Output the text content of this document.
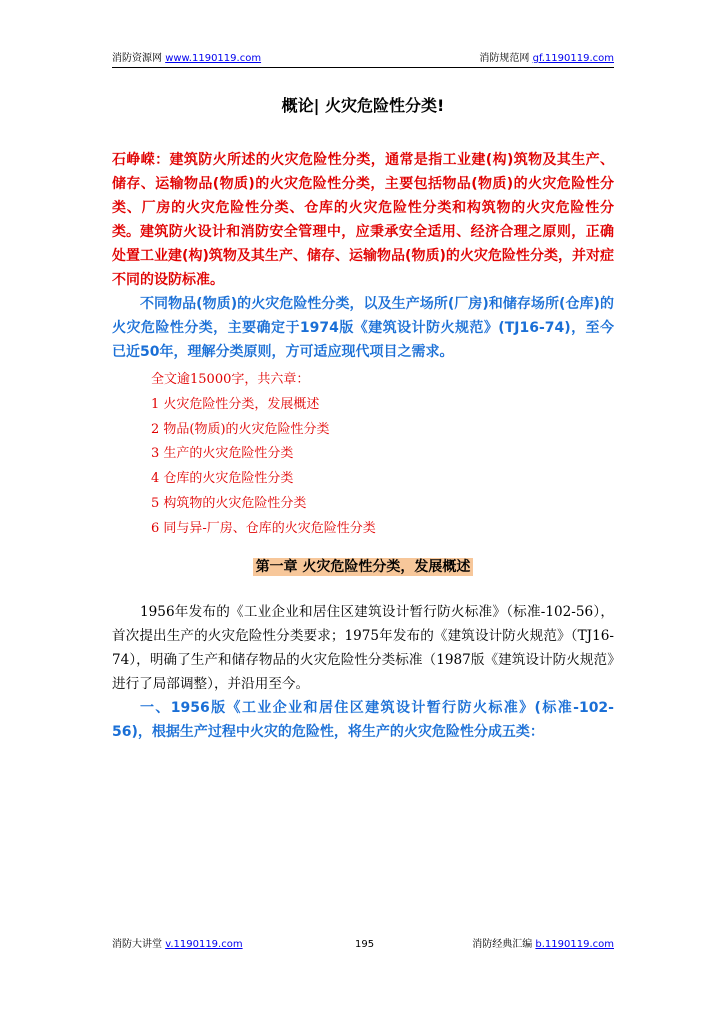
消防资源网 www.1190119.com	消防规范网 gf.1190119.com
概论| 火灾危险性分类!
石峥嵘：建筑防火所述的火灾危险性分类，通常是指工业建(构)筑物及其生产、储存、运输物品(物质)的火灾危险性分类，主要包括物品(物质)的火灾危险性分类、厂房的火灾危险性分类、仓库的火灾危险性分类和构筑物的火灾危险性分类。 建筑防火设计和消防安全管理中，应秉承安全适用、经济合理之原则，正确处置工业建(构)筑物及其生产、储存、运输物品(物质)的火灾危险性分类，并对症不同的设防标准。
不同物品(物质)的火灾危险性分类，以及生产场所(厂房)和储存场所(仓库)的火灾危险性分类，主要确定于1974版《建筑设计防火规范》(TJ16-74)，至今已近50年，理解分类原则，方可适应现代项目之需求。
全文逾15000字，共六章：
1 火灾危险性分类，发展概述
2 物品(物质)的火灾危险性分类
3 生产的火灾危险性分类
4 仓库的火灾危险性分类
5 构筑物的火灾危险性分类
6 同与异-厂房、仓库的火灾危险性分类
第一章 火灾危险性分类，发展概述
1956年发布的《工业企业和居住区建筑设计暂行防火标准》（标准-102-56），首次提出生产的火灾危险性分类要求；1975年发布的《建筑设计防火规范》（TJ16-74），明确了生产和储存物品的火灾危险性分类标准（1987版《建筑设计防火规范》进行了局部调整），并沿用至今。
一、1956版《工业企业和居住区建筑设计暂行防火标准》(标准-102-56)，根据生产过程中火灾的危险性，将生产的火灾危险性分成五类：
消防大讲堂 v.1190119.com	195	消防经典汇编 b.1190119.com
